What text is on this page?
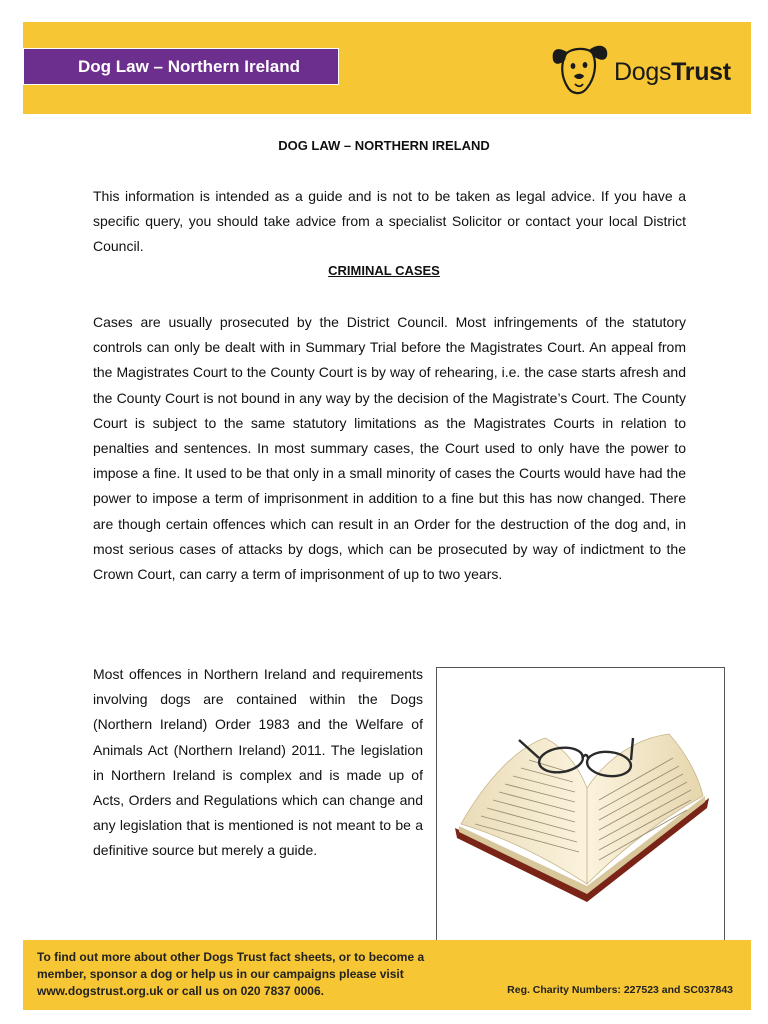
Dog Law – Northern Ireland	DogsTrust
DOG LAW – NORTHERN IRELAND

This information is intended as a guide and is not to be taken as legal advice. If you have a specific query, you should take advice from a specialist Solicitor or contact your local District Council.

CRIMINAL CASES

Cases are usually prosecuted by the District Council. Most infringements of the statutory controls can only be dealt with in Summary Trial before the Magistrates Court. An appeal from the Magistrates Court to the County Court is by way of rehearing, i.e. the case starts afresh and the County Court is not bound in any way by the decision of the Magistrate’s Court. The County Court is subject to the same statutory limitations as the Magistrates Courts in relation to penalties and sentences. In most summary cases, the Court used to only have the power to impose a fine. It used to be that only in a small minority of cases the Courts would have had the power to impose a term of imprisonment in addition to a fine but this has now changed. There are though certain offences which can result in an Order for the destruction of the dog and, in most serious cases of attacks by dogs, which can be prosecuted by way of indictment to the Crown Court, can carry a term of imprisonment of up to two years.

Most offences in Northern Ireland and requirements involving dogs are contained within the Dogs (Northern Ireland) Order 1983 and the Welfare of Animals Act (Northern Ireland) 2011. The legislation in Northern Ireland is complex and is made up of Acts, Orders and Regulations which can change and any legislation that is mentioned is not meant to be a definitive source but merely a guide.

To find out more about other Dogs Trust fact sheets, or to become a member, sponsor a dog or help us in our campaigns please visit www.dogstrust.org.uk or call us on 020 7837 0006.	Reg. Charity Numbers: 227523 and SC037843
